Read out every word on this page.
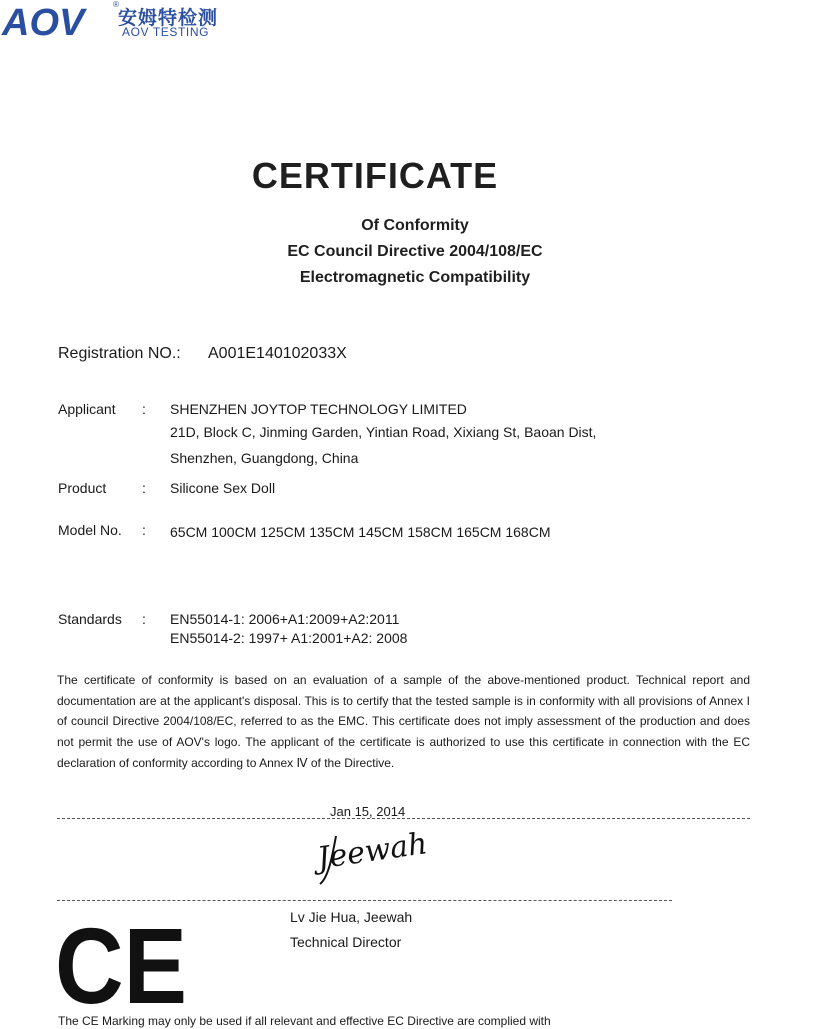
AOV	®
安姆特检测
AOV TESTING
CERTIFICATE
Of Conformity
EC Council Directive 2004/108/EC
Electromagnetic Compatibility
Registration NO.: A001E140102033X
Applicant : SHENZHEN JOYTOP TECHNOLOGY LIMITED
21D, Block C, Jinming Garden, Yintian Road, Xixiang St, Baoan Dist,
Shenzhen, Guangdong, China
Product	: Silicone Sex Doll
Model No. : 65CM 100CM 125CM 135CM 145CM 158CM 165CM 168CM
Standards : EN55014-1: 2006+A1:2009+A2:2011
EN55014-2: 1997+ A1:2001+A2: 2008
The certificate of conformity is based on an evaluation of a sample of the above-mentioned product. Technical report and documentation are at the applicant's disposal. This is to certify that the tested sample is in conformity with all provisions of Annex I of council Directive 2004/108/EC, referred to as the EMC. This certificate does not imply assessment of the production and does not permit the use of AOV's logo. The applicant of the certificate is authorized to use this certificate in connection with the EC declaration of conformity according to Annex Ⅳ of the Directive.
Jan 15, 2014
Jeewah
Lv Jie Hua, Jeewah
Technical Director
CE
The CE Marking may only be used if all relevant and effective EC Directive are complied with
